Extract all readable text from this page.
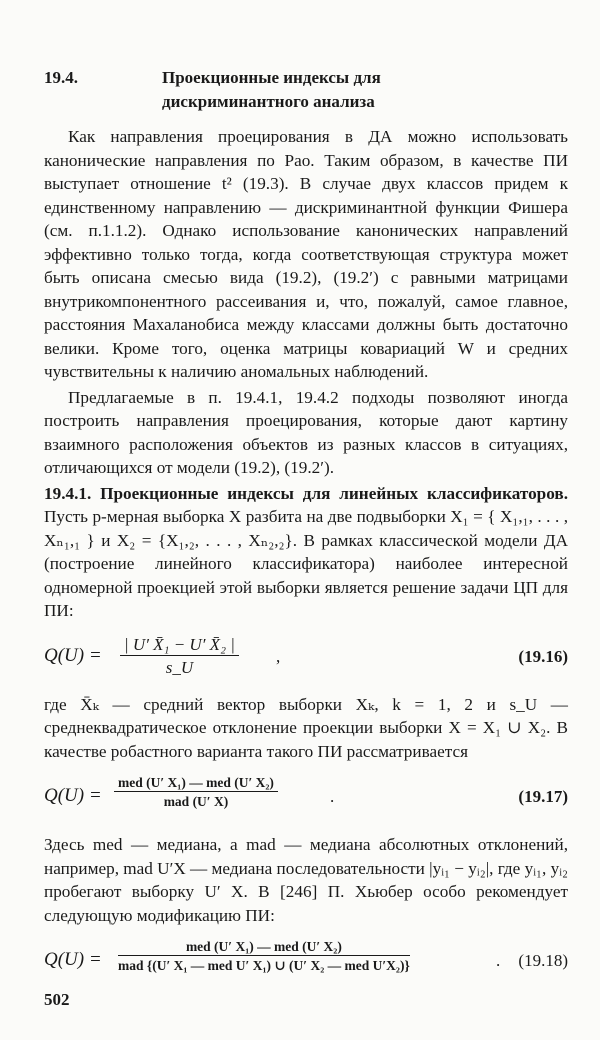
19.4.	Проекционные индексы для
дискриминантного анализа

Как направления проецирования в ДА можно использовать канонические направления по Рао. Таким образом, в качестве ПИ выступает отношение t² (19.3). В случае двух классов придем к единственному направлению — дискриминантной функции Фишера (см. п.1.1.2). Однако использование канонических направлений эффективно только тогда, когда соответствующая структура может быть описана смесью вида (19.2), (19.2′) с равными матрицами внутрикомпонентного рассеивания и, что, пожалуй, самое главное, расстояния Махаланобиса между классами должны быть достаточно велики. Кроме того, оценка матрицы ковариаций W и средних чувствительны к наличию аномальных наблюдений.

Предлагаемые в п. 19.4.1, 19.4.2 подходы позволяют иногда построить направления проецирования, которые дают картину взаимного расположения объектов из разных классов в ситуациях, отличающихся от модели (19.2), (19.2′).

19.4.1. Проекционные индексы для линейных классификаторов. Пусть p-мерная выборка X разбита на две подвыборки X₁ = { X₁,₁, . . . , Xₙ₁,₁ } и X₂ = {X₁,₂, . . . , Xₙ₂,₂}. В рамках классической модели ДА (построение линейного классификатора) наиболее интересной одномерной проекцией этой выборки является решение задачи ЦП для ПИ:

$Q(U) = \frac{\text{| U′ X̄₁ − U′ X̄₂ |}}{s\_U}$ ,	(19.16)

где X̄ₖ — средний вектор выборки Xₖ, k = 1, 2 и s_U — среднеквадратическое отклонение проекции выборки X = X₁ ∪ X₂. В качестве робастного варианта такого ПИ рассматривается

Q(U) =
med (U′ X₁) — med (U′ X₂)
mad (U′ X)	.	(19.17)

Здесь med — медиана, а mad — медиана абсолютных отклонений, например, mad U′X — медиана последовательности |yᵢ₁ − yᵢ₂|, где yᵢ₁, yᵢ₂ пробегают выборку U′ X. В [246] П. Хьюбер особо рекомендует следующую модификацию ПИ:

Q(U) =
med (U′ X₁) — med (U′ X₂)
mad {(U′ X₁ — med U′ X₁) ∪ (U′ X₂ — med U′X₂)}	. (19.18)
502
